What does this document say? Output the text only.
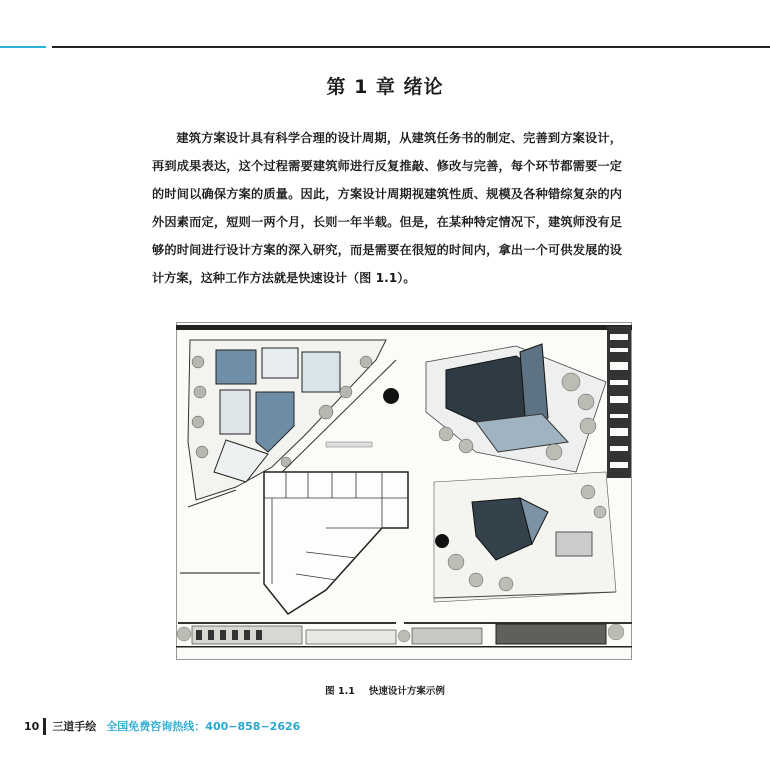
第 1 章 绪论

建筑方案设计具有科学合理的设计周期，从建筑任务书的制定、完善到方案设计，再到成果表达，这个过程需要建筑师进行反复推敲、修改与完善，每个环节都需要一定的时间以确保方案的质量。因此，方案设计周期视建筑性质、规模及各种错综复杂的内外因素而定，短则一两个月，长则一年半载。但是，在某种特定情况下，建筑师没有足够的时间进行设计方案的深入研究，而是需要在很短的时间内，拿出一个可供发展的设计方案，这种工作方法就是快速设计（图 1.1）。

图 1.1 快速设计方案示例
10 三道手绘 全国免费咨询热线：400−858−2626
